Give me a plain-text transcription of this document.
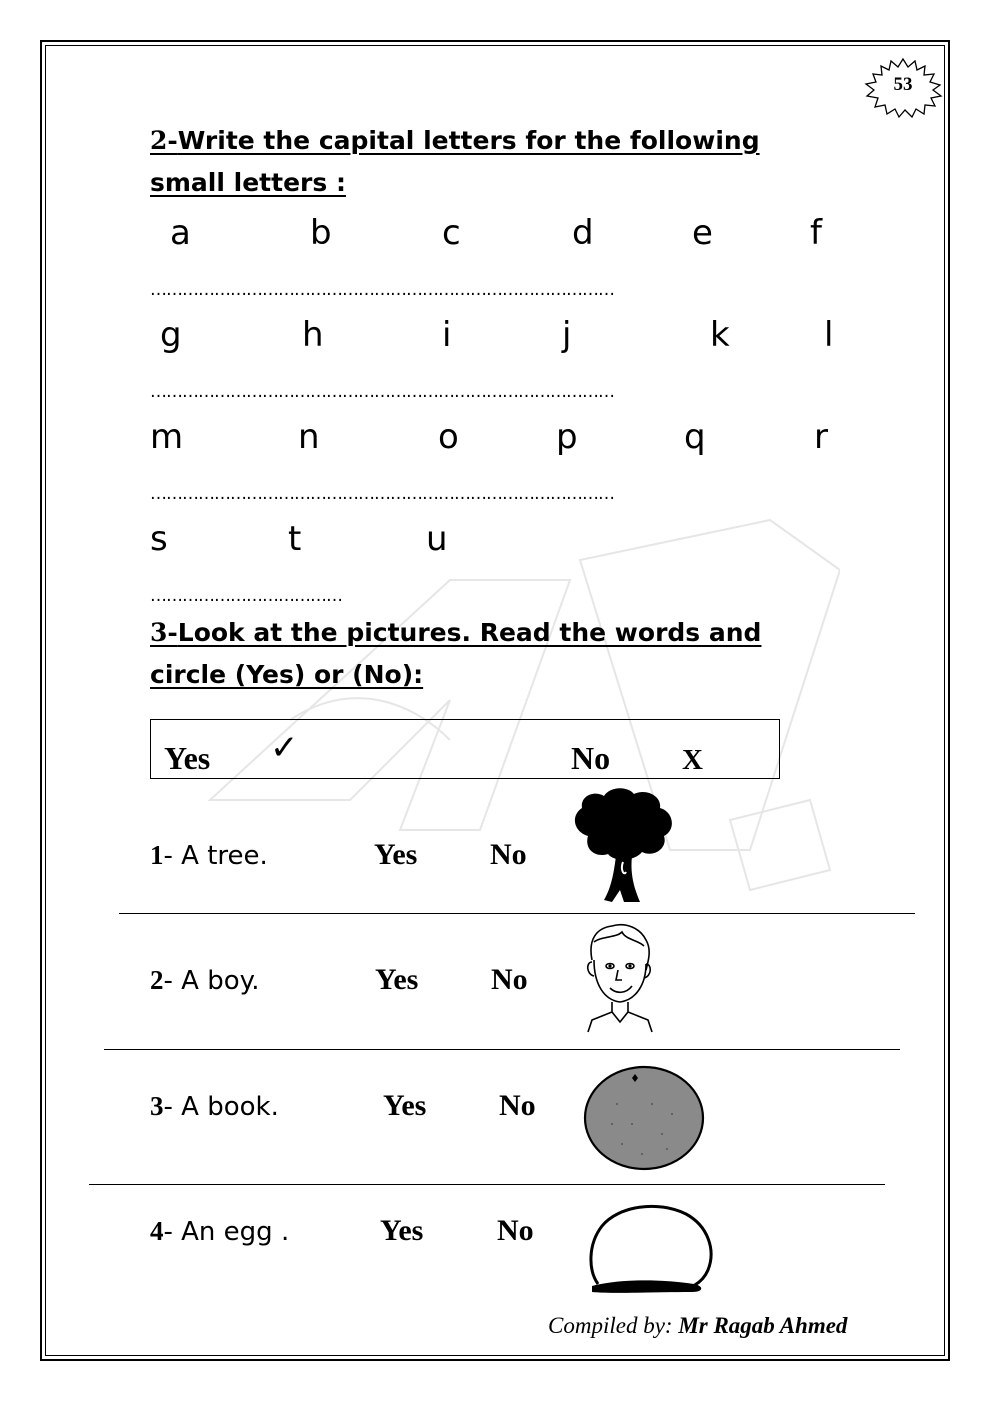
53
2-Write the capital letters for the following
small letters :
a	b	c	d	e	f
……………………………………………………………………………
g	h	i	j	k	l
……………………………………………………………………………
m	n	o	p	q	r
……………………………………………………………………………
s	t	u
………………………………
3-Look at the pictures. Read the words and
circle (Yes) or (No):
Yes ✓	No X
1- A tree.	Yes No
2- A boy.	Yes No
3- A book.	Yes No
4- An egg .	Yes No
Compiled by: Mr Ragab Ahmed
